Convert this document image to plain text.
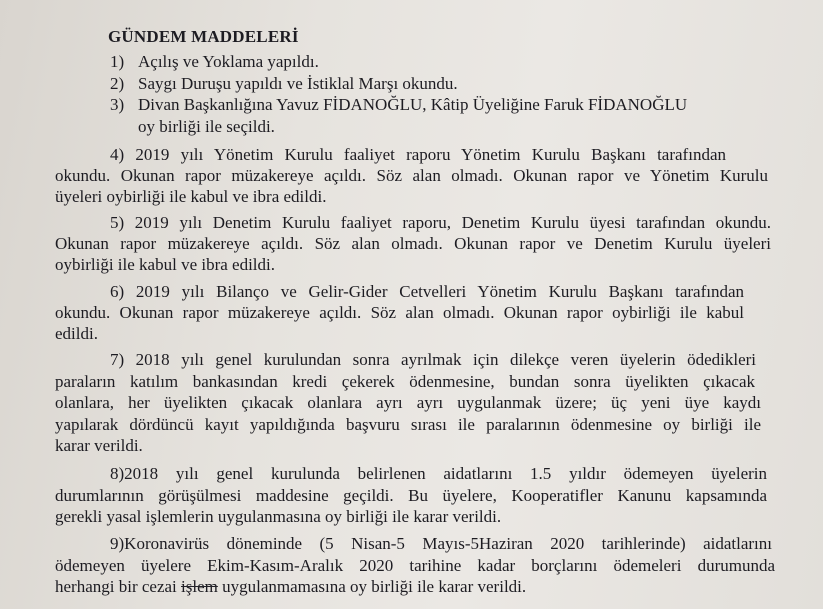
GÜNDEM MADDELERİ
1) Açılış ve Yoklama yapıldı.
2) Saygı Duruşu yapıldı ve İstiklal Marşı okundu.
3) Divan Başkanlığına Yavuz FİDANOĞLU, Kâtip Üyeliğine Faruk FİDANOĞLU
oy birliği ile seçildi.
4) 2019 yılı Yönetim Kurulu faaliyet raporu Yönetim Kurulu Başkanı tarafından
okundu. Okunan rapor müzakereye açıldı. Söz alan olmadı. Okunan rapor ve Yönetim Kurulu
üyeleri oybirliği ile kabul ve ibra edildi.
5) 2019 yılı Denetim Kurulu faaliyet raporu, Denetim Kurulu üyesi tarafından okundu.
Okunan rapor müzakereye açıldı. Söz alan olmadı. Okunan rapor ve Denetim Kurulu üyeleri
oybirliği ile kabul ve ibra edildi.
6) 2019 yılı Bilanço ve Gelir-Gider Cetvelleri Yönetim Kurulu Başkanı tarafından
okundu. Okunan rapor müzakereye açıldı. Söz alan olmadı. Okunan rapor oybirliği ile kabul
edildi.
7) 2018 yılı genel kurulundan sonra ayrılmak için dilekçe veren üyelerin ödedikleri
paraların katılım bankasından kredi çekerek ödenmesine, bundan sonra üyelikten çıkacak
olanlara, her üyelikten çıkacak olanlara ayrı ayrı uygulanmak üzere; üç yeni üye kaydı
yapılarak dördüncü kayıt yapıldığında başvuru sırası ile paralarının ödenmesine oy birliği ile
karar verildi.
8)2018 yılı genel kurulunda belirlenen aidatlarını 1.5 yıldır ödemeyen üyelerin
durumlarının görüşülmesi maddesine geçildi. Bu üyelere, Kooperatifler Kanunu kapsamında
gerekli yasal işlemlerin uygulanmasına oy birliği ile karar verildi.
9)Koronavirüs döneminde (5 Nisan-5 Mayıs-5Haziran 2020 tarihlerinde) aidatlarını
ödemeyen üyelere Ekim-Kasım-Aralık 2020 tarihine kadar borçlarını ödemeleri durumunda
herhangi bir cezai işlem uygulanmamasına oy birliği ile karar verildi.
